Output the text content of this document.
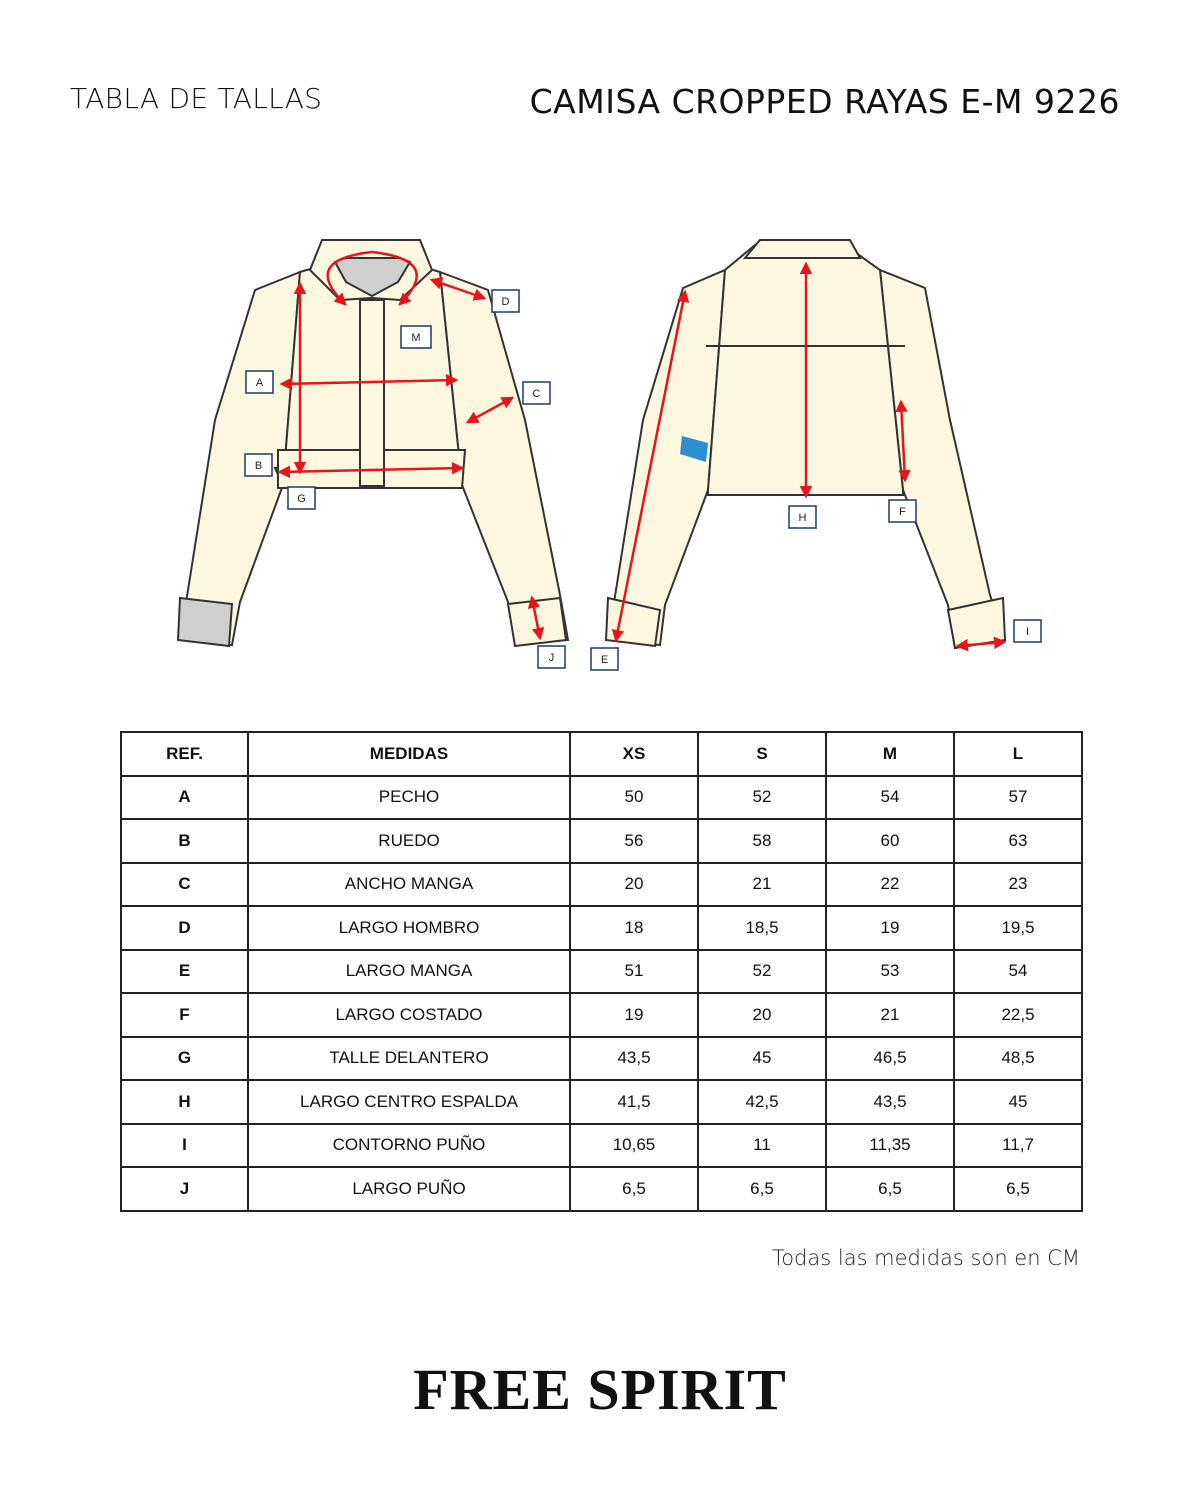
TABLA DE TALLAS	CAMISA CROPPED RAYAS E-M 9226
A
B
C
D
G
J
M
E
F
H
I
REF.	MEDIDAS	XS	S	M	L
A	PECHO	50	52	54	57
B	RUEDO	56	58	60	63
C	ANCHO MANGA	20	21	22	23
D	LARGO HOMBRO	18	18,5	19	19,5
E	LARGO MANGA	51	52	53	54
F	LARGO COSTADO	19	20	21	22,5
G	TALLE DELANTERO	43,5	45	46,5	48,5
H	LARGO CENTRO ESPALDA	41,5	42,5	43,5	45
I	CONTORNO PUÑO	10,65	11	11,35	11,7
J	LARGO PUÑO	6,5	6,5	6,5	6,5
Todas las medidas son en CM
FREE SPIRIT
